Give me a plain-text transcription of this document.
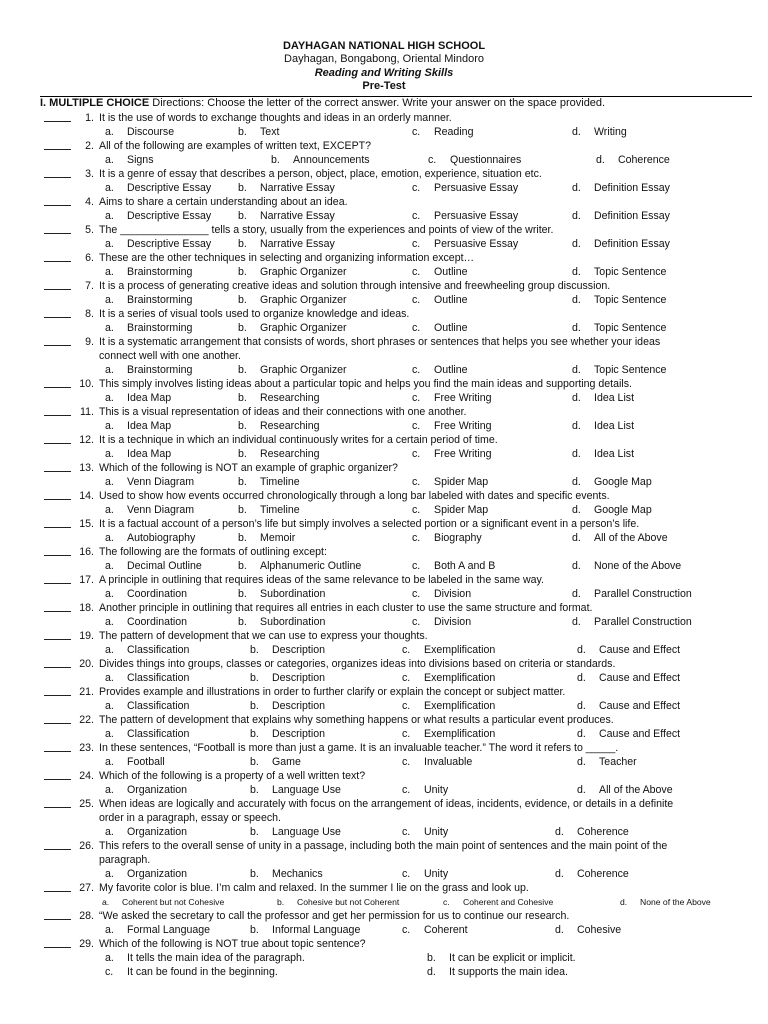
DAYHAGAN NATIONAL HIGH SCHOOL
Dayhagan, Bongabong, Oriental Mindoro
Reading and Writing Skills
Pre-Test
I. MULTIPLE CHOICE Directions: Choose the letter of the correct answer. Write your answer on the space provided.
1. It is the use of words to exchange thoughts and ideas in an orderly manner.
a. Discourse	b. Text	c. Reading	d. Writing
2. All of the following are examples of written text, EXCEPT?
a. Signs	b. Announcements	c. Questionnaires	d. Coherence
3. It is a genre of essay that describes a person, object, place, emotion, experience, situation etc.
a. Descriptive Essay	b. Narrative Essay	c. Persuasive Essay	d. Definition Essay
4. Aims to share a certain understanding about an idea.
a. Descriptive Essay	b. Narrative Essay	c. Persuasive Essay	d. Definition Essay
5. The _______________ tells a story, usually from the experiences and points of view of the writer.
a. Descriptive Essay	b. Narrative Essay	c. Persuasive Essay	d. Definition Essay
6. These are the other techniques in selecting and organizing information except…
a. Brainstorming	b. Graphic Organizer	c. Outline	d. Topic Sentence
7. It is a process of generating creative ideas and solution through intensive and freewheeling group discussion.
a. Brainstorming	b. Graphic Organizer	c. Outline	d. Topic Sentence
8. It is a series of visual tools used to organize knowledge and ideas.
a. Brainstorming	b. Graphic Organizer	c. Outline	d. Topic Sentence
9. It is a systematic arrangement that consists of words, short phrases or sentences that helps you see whether your ideas
connect well with one another.
a. Brainstorming	b. Graphic Organizer	c. Outline	d. Topic Sentence
10. This simply involves listing ideas about a particular topic and helps you find the main ideas and supporting details.
a. Idea Map	b. Researching	c. Free Writing	d. Idea List
11. This is a visual representation of ideas and their connections with one another.
a. Idea Map	b. Researching	c. Free Writing	d. Idea List
12. It is a technique in which an individual continuously writes for a certain period of time.
a. Idea Map	b. Researching	c. Free Writing	d. Idea List
13. Which of the following is NOT an example of graphic organizer?
a. Venn Diagram	b. Timeline	c. Spider Map	d. Google Map
14. Used to show how events occurred chronologically through a long bar labeled with dates and specific events.
a. Venn Diagram	b. Timeline	c. Spider Map	d. Google Map
15. It is a factual account of a person’s life but simply involves a selected portion or a significant event in a person’s life.
a. Autobiography	b. Memoir	c. Biography	d. All of the Above
16. The following are the formats of outlining except:
a. Decimal Outline	b. Alphanumeric Outline	c. Both A and B	d. None of the Above
17. A principle in outlining that requires ideas of the same relevance to be labeled in the same way.
a. Coordination	b. Subordination	c. Division	d. Parallel Construction
18. Another principle in outlining that requires all entries in each cluster to use the same structure and format.
a. Coordination	b. Subordination	c. Division	d. Parallel Construction
19. The pattern of development that we can use to express your thoughts.
a. Classification	b. Description	c. Exemplification	d. Cause and Effect
20. Divides things into groups, classes or categories, organizes ideas into divisions based on criteria or standards.
a. Classification	b. Description	c. Exemplification	d. Cause and Effect
21. Provides example and illustrations in order to further clarify or explain the concept or subject matter.
a. Classification	b. Description	c. Exemplification	d. Cause and Effect
22. The pattern of development that explains why something happens or what results a particular event produces.
a. Classification	b. Description	c. Exemplification	d. Cause and Effect
23. In these sentences, “Football is more than just a game. It is an invaluable teacher.” The word it refers to _____.
a. Football	b. Game	c. Invaluable	d. Teacher
24. Which of the following is a property of a well written text?
a. Organization	b. Language Use	c. Unity	d. All of the Above
25. When ideas are logically and accurately with focus on the arrangement of ideas, incidents, evidence, or details in a definite
order in a paragraph, essay or speech.
a. Organization	b. Language Use	c. Unity	d. Coherence
26. This refers to the overall sense of unity in a passage, including both the main point of sentences and the main point of the
paragraph.
a. Organization	b. Mechanics	c. Unity	d. Coherence
27. My favorite color is blue. I’m calm and relaxed. In the summer I lie on the grass and look up.
a. Coherent but not Cohesive	b. Cohesive but not Coherent	c. Coherent and Cohesive	d. None of the Above
28. “We asked the secretary to call the professor and get her permission for us to continue our research.
a. Formal Language	b. Informal Language	c. Coherent	d. Cohesive
29. Which of the following is NOT true about topic sentence?
a. It tells the main idea of the paragraph.	b. It can be explicit or implicit.
c. It can be found in the beginning.	d. It supports the main idea.
